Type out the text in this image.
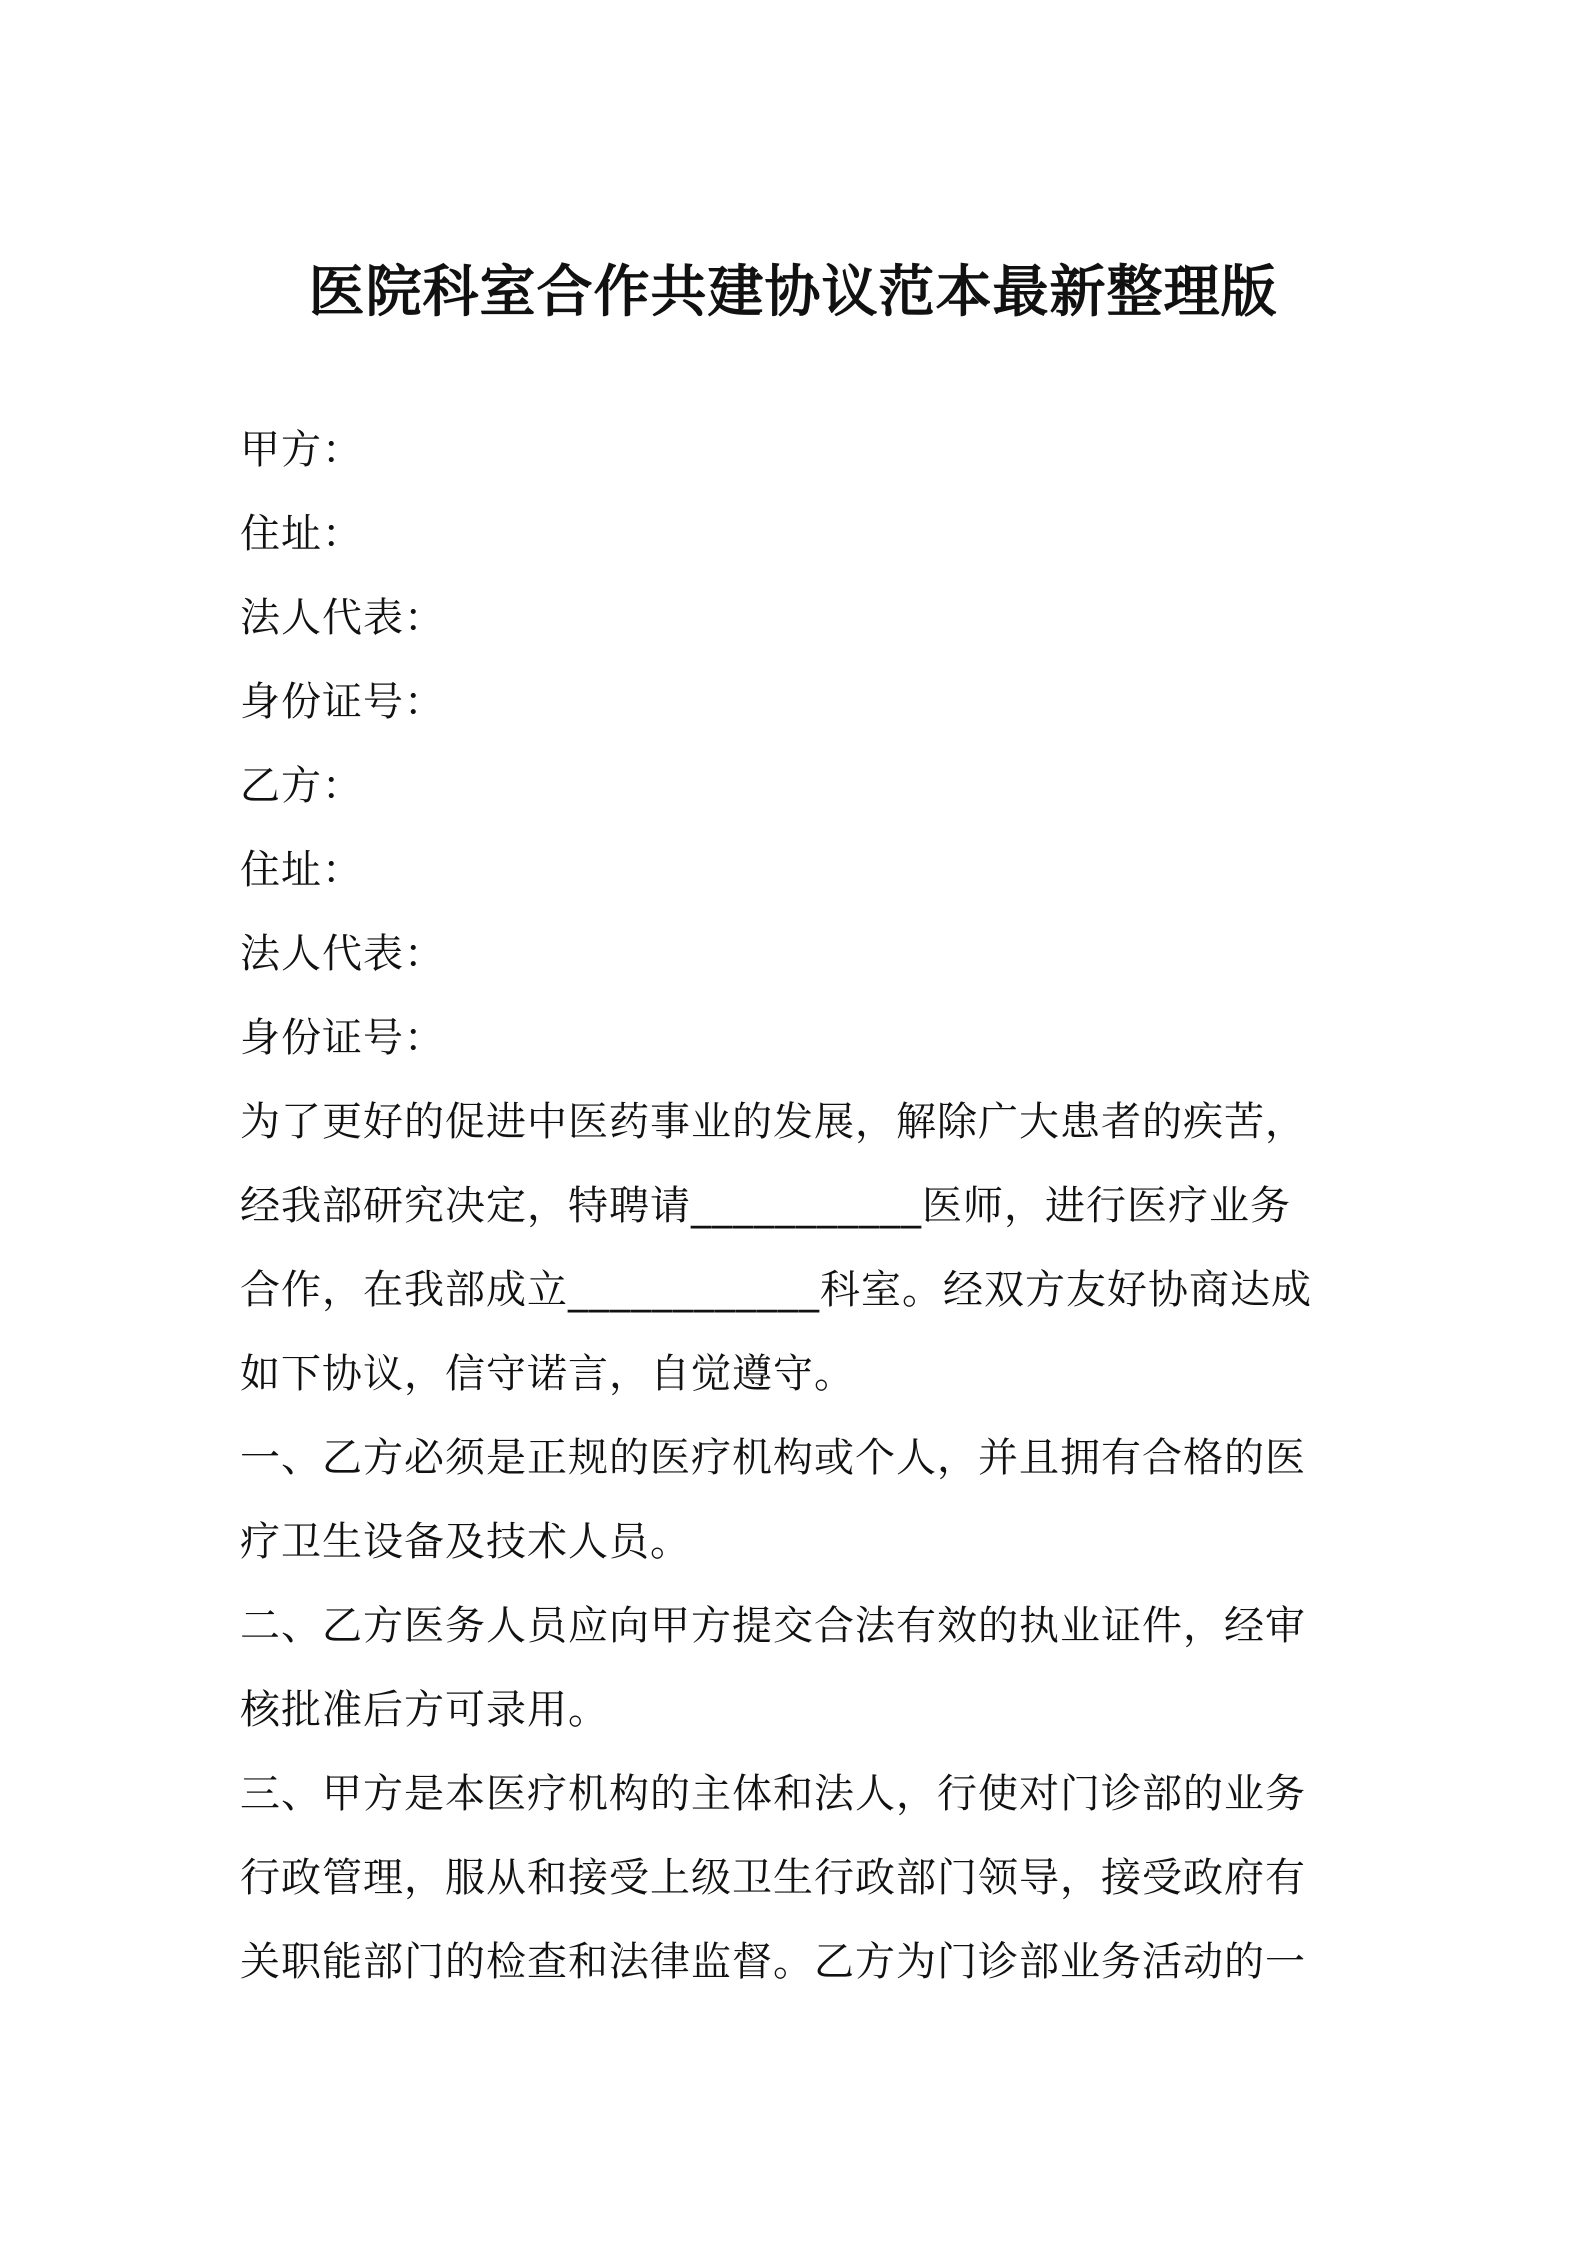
医院科室合作共建协议范本最新整理版
甲方：
住址：
法人代表：
身份证号：
乙方：
住址：
法人代表：
身份证号：
为了更好的促进中医药事业的发展，解除广大患者的疾苦，
经我部研究决定，特聘请___________医师，进行医疗业务
合作，在我部成立____________科室。经双方友好协商达成
如下协议，信守诺言，自觉遵守。
一、乙方必须是正规的医疗机构或个人，并且拥有合格的医
疗卫生设备及技术人员。
二、乙方医务人员应向甲方提交合法有效的执业证件，经审
核批准后方可录用。
三、甲方是本医疗机构的主体和法人，行使对门诊部的业务
行政管理，服从和接受上级卫生行政部门领导，接受政府有
关职能部门的检查和法律监督。乙方为门诊部业务活动的一
